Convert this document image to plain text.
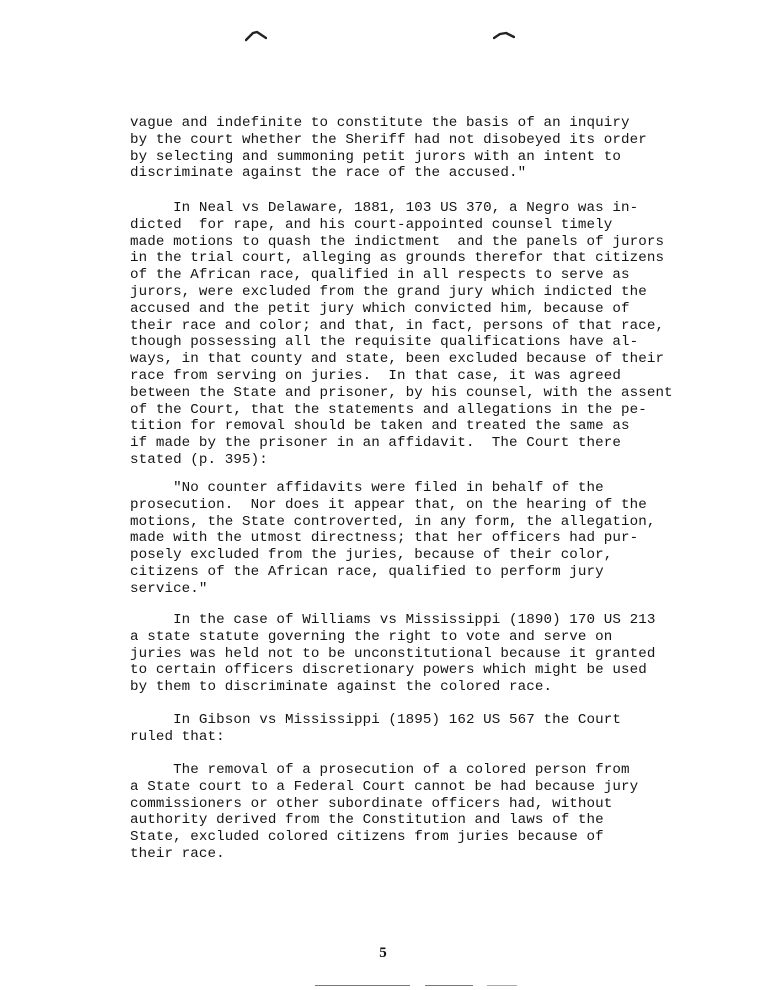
vague and indefinite to constitute the basis of an inquiry
by the court whether the Sheriff had not disobeyed its order
by selecting and summoning petit jurors with an intent to
discriminate against the race of the accused."

In Neal vs Delaware, 1881, 103 US 370, a Negro was in-
dicted  for rape, and his court-appointed counsel timely
made motions to quash the indictment  and the panels of jurors
in the trial court, alleging as grounds therefor that citizens
of the African race, qualified in all respects to serve as
jurors, were excluded from the grand jury which indicted the
accused and the petit jury which convicted him, because of
their race and color; and that, in fact, persons of that race,
though possessing all the requisite qualifications have al-
ways, in that county and state, been excluded because of their
race from serving on juries.  In that case, it was agreed
between the State and prisoner, by his counsel, with the assent
of the Court, that the statements and allegations in the pe-
tition for removal should be taken and treated the same as
if made by the prisoner in an affidavit.  The Court there
stated (p. 395):

"No counter affidavits were filed in behalf of the
prosecution.  Nor does it appear that, on the hearing of the
motions, the State controverted, in any form, the allegation,
made with the utmost directness; that her officers had pur-
posely excluded from the juries, because of their color,
citizens of the African race, qualified to perform jury
service."

In the case of Williams vs Mississippi (1890) 170 US 213
a state statute governing the right to vote and serve on
juries was held not to be unconstitutional because it granted
to certain officers discretionary powers which might be used
by them to discriminate against the colored race.

In Gibson vs Mississippi (1895) 162 US 567 the Court
ruled that:

The removal of a prosecution of a colored person from
a State court to a Federal Court cannot be had because jury
commissioners or other subordinate officers had, without
authority derived from the Constitution and laws of the
State, excluded colored citizens from juries because of
their race.

5
